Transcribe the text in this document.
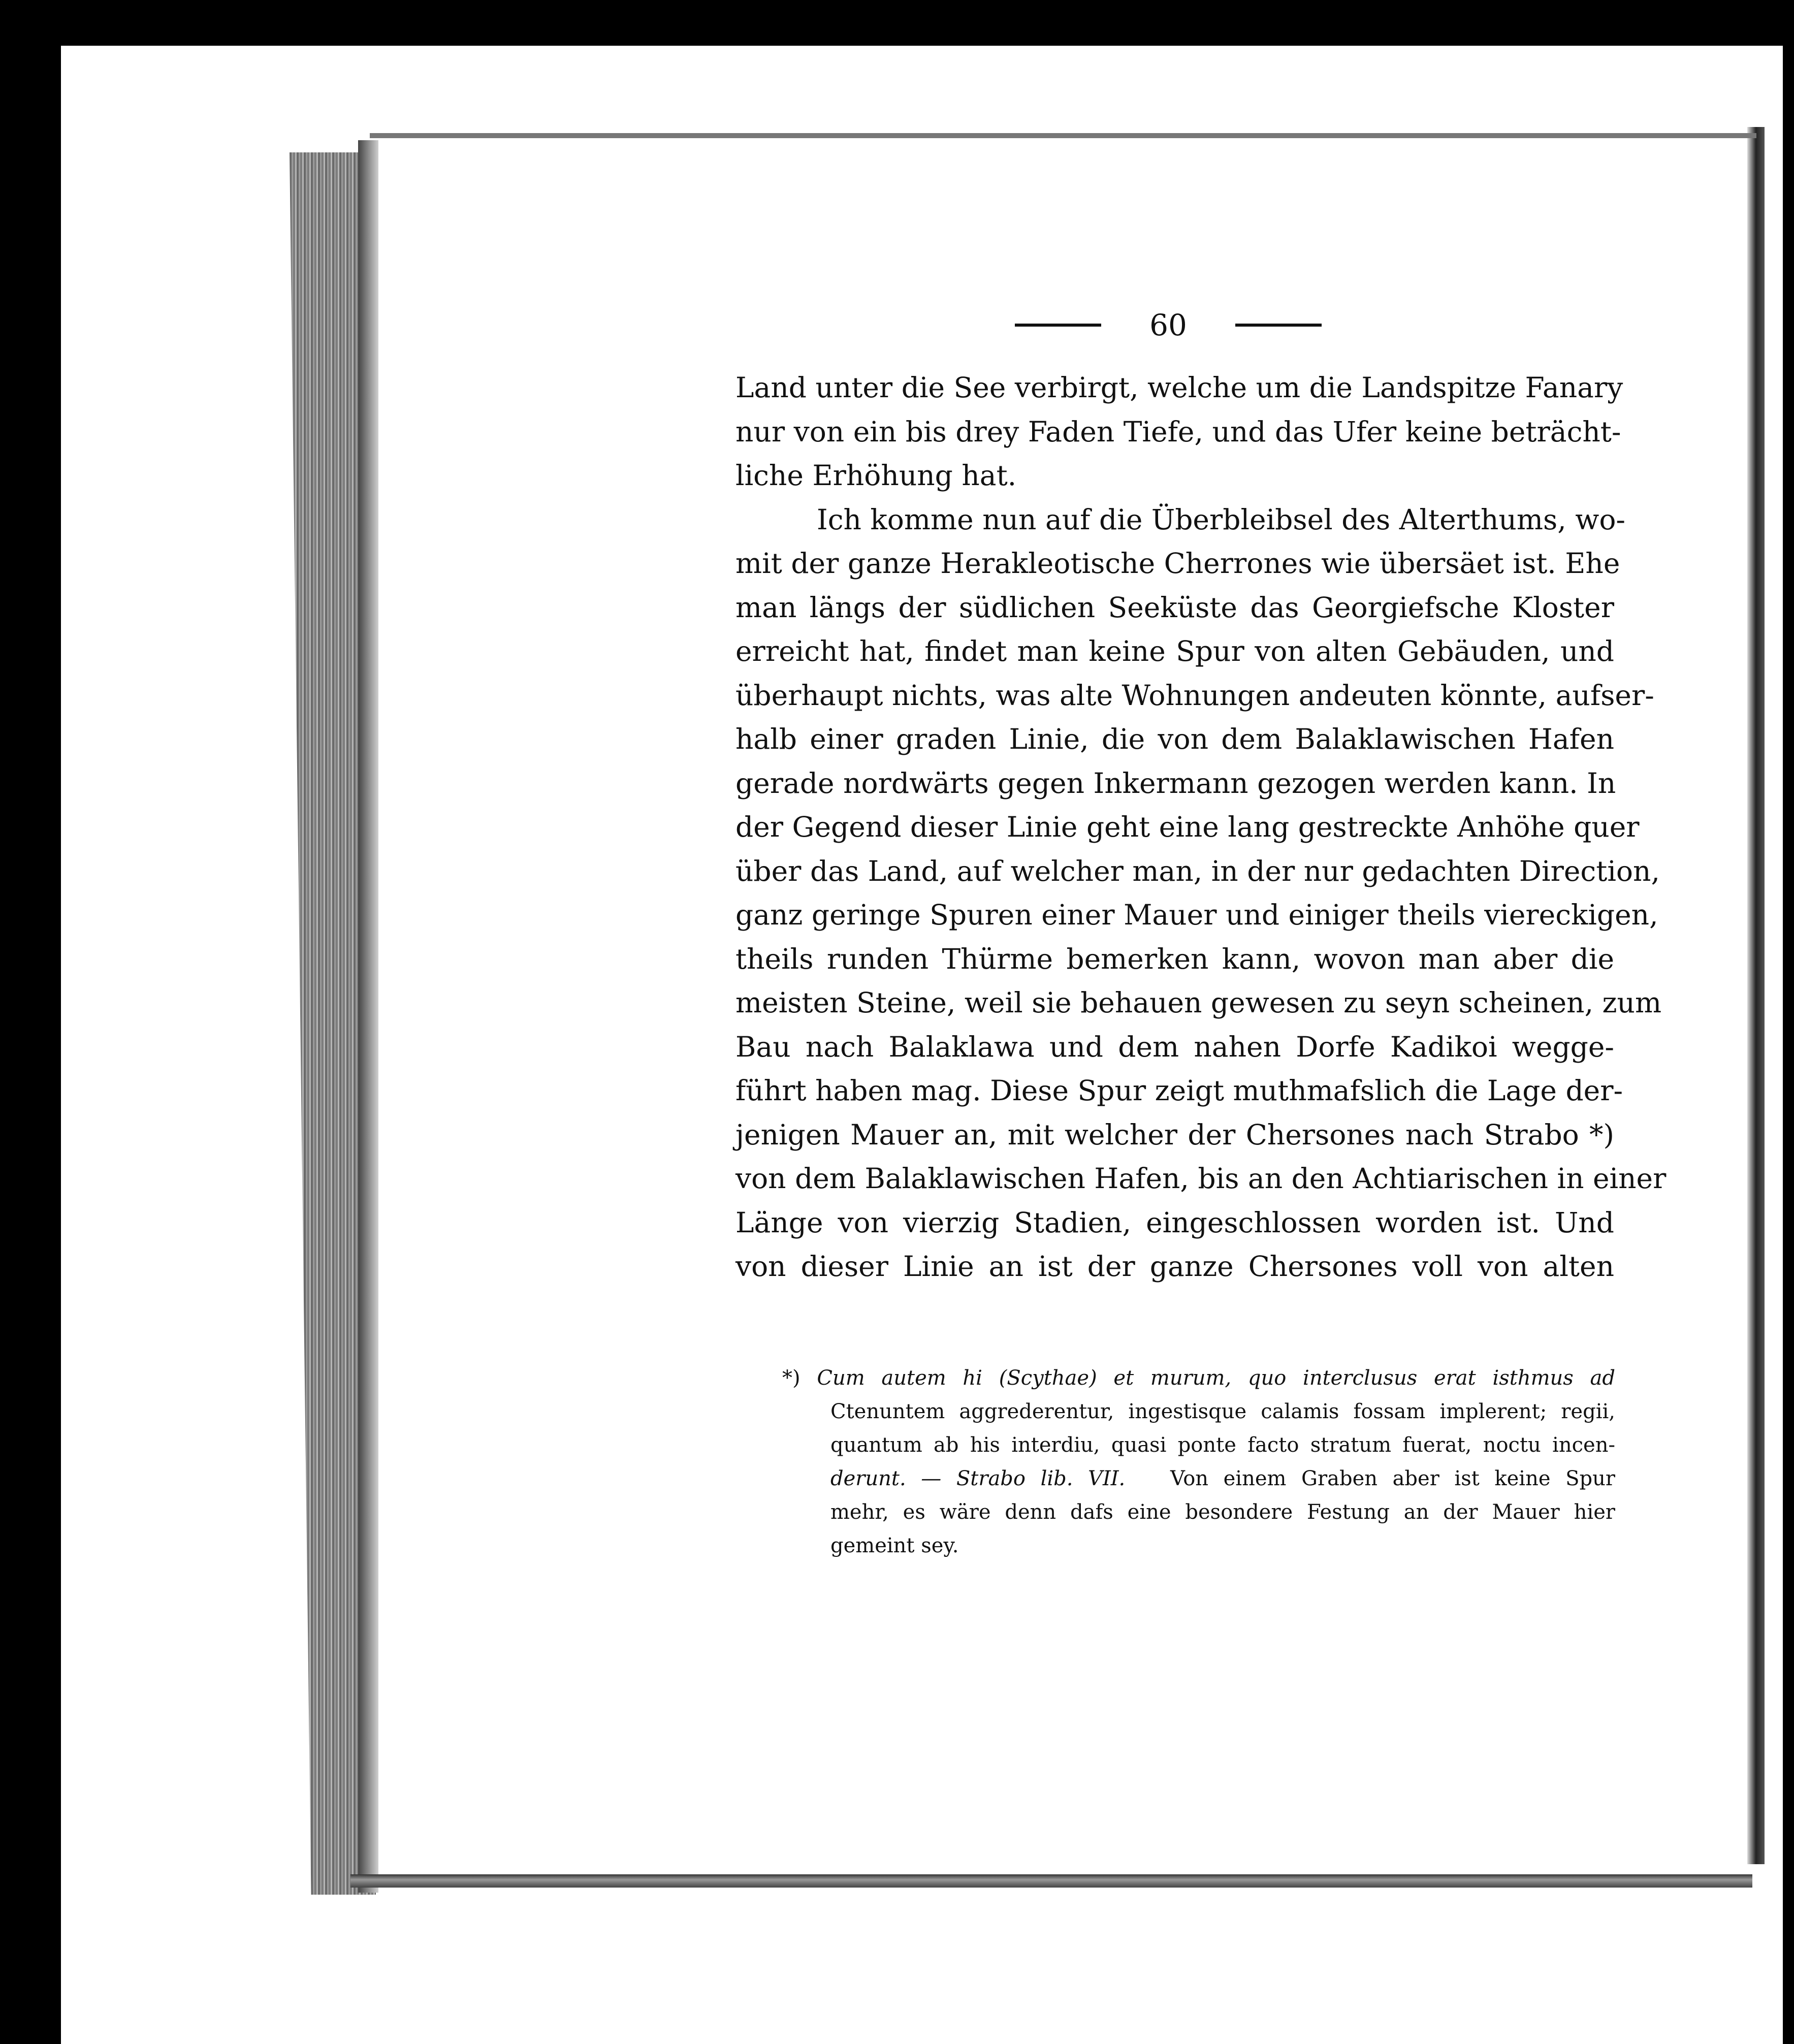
60
Land unter die See verbirgt, welche um die Landspitze Fanary
nur von ein bis drey Faden Tiefe, und das Ufer keine beträcht-
liche Erhöhung hat.
Ich komme nun auf die Überbleibsel des Alterthums, wo-
mit der ganze Herakleotische Cherrones wie übersäet ist. Ehe
man längs der südlichen Seeküste das Georgiefsche Kloster
erreicht hat, findet man keine Spur von alten Gebäuden, und
überhaupt nichts, was alte Wohnungen andeuten könnte, aufser-
halb einer graden Linie, die von dem Balaklawischen Hafen
gerade nordwärts gegen Inkermann gezogen werden kann. In
der Gegend dieser Linie geht eine lang gestreckte Anhöhe quer
über das Land, auf welcher man, in der nur gedachten Direction,
ganz geringe Spuren einer Mauer und einiger theils viereckigen,
theils runden Thürme bemerken kann, wovon man aber die
meisten Steine, weil sie behauen gewesen zu seyn scheinen, zum
Bau nach Balaklawa und dem nahen Dorfe Kadikoi wegge-
führt haben mag. Diese Spur zeigt muthmafslich die Lage der-
jenigen Mauer an, mit welcher der Chersones nach Strabo *)
von dem Balaklawischen Hafen, bis an den Achtiarischen in einer
Länge von vierzig Stadien, eingeschlossen worden ist. Und
von dieser Linie an ist der ganze Chersones voll von alten
*) Cum autem hi (Scythae) et murum, quo interclusus erat isthmus ad
Ctenuntem aggrederentur, ingestisque calamis fossam implerent; regii,
quantum ab his interdiu, quasi ponte facto stratum fuerat, noctu incen-
derunt. — Strabo lib. VII. Von einem Graben aber ist keine Spur
mehr, es wäre denn dafs eine besondere Festung an der Mauer hier
gemeint sey.
